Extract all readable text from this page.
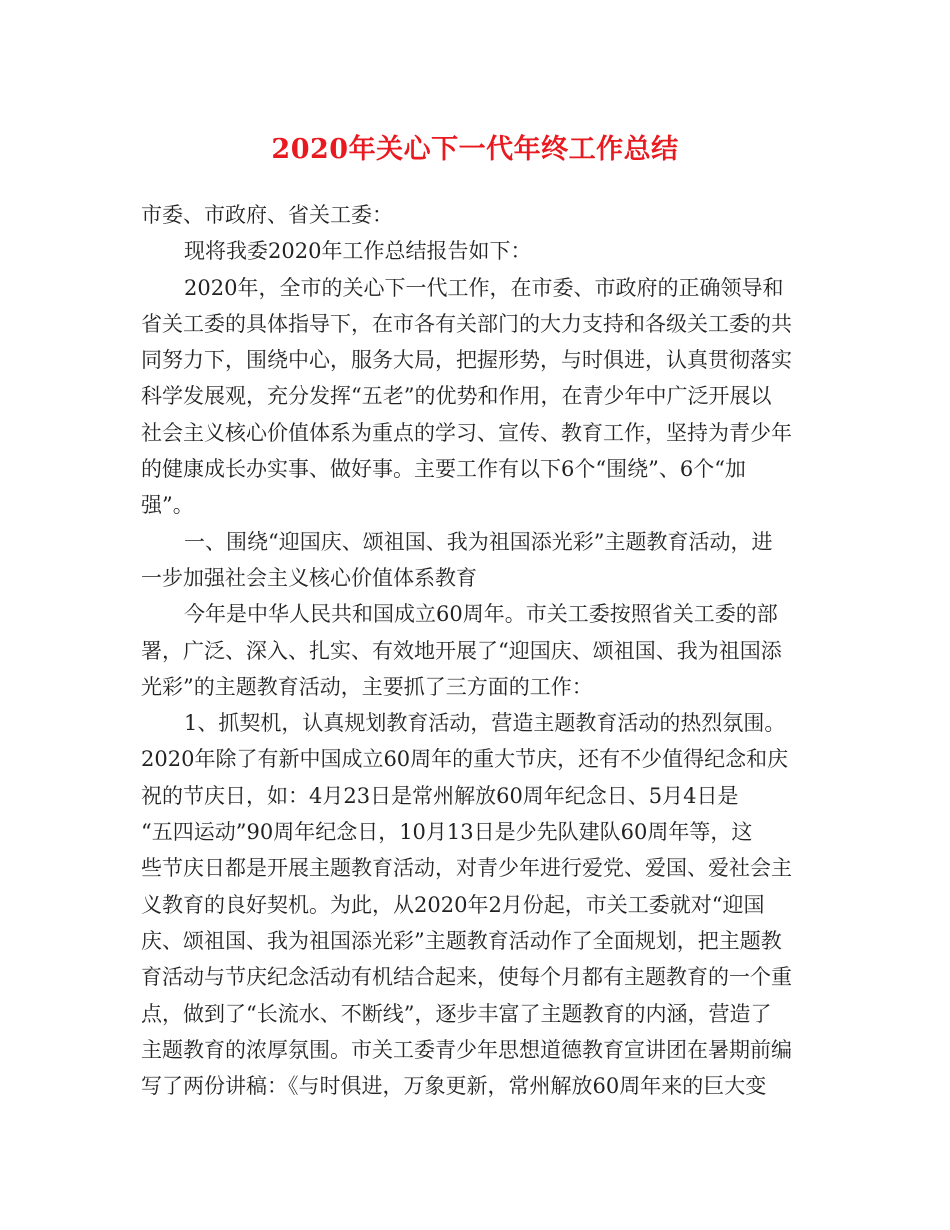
2020年关心下一代年终工作总结
市委、市政府、省关工委：
现将我委2020年工作总结报告如下：
2020年，全市的关心下一代工作，在市委、市政府的正确领导和
省关工委的具体指导下，在市各有关部门的大力支持和各级关工委的共
同努力下，围绕中心，服务大局，把握形势，与时俱进，认真贯彻落实
科学发展观，充分发挥“五老”的优势和作用，在青少年中广泛开展以
社会主义核心价值体系为重点的学习、宣传、教育工作，坚持为青少年
的健康成长办实事、做好事。主要工作有以下6个“围绕”、6个“加
强”。
一、围绕“迎国庆、颂祖国、我为祖国添光彩”主题教育活动，进
一步加强社会主义核心价值体系教育
今年是中华人民共和国成立60周年。市关工委按照省关工委的部
署，广泛、深入、扎实、有效地开展了“迎国庆、颂祖国、我为祖国添
光彩”的主题教育活动，主要抓了三方面的工作：
1、抓契机，认真规划教育活动，营造主题教育活动的热烈氛围。
2020年除了有新中国成立60周年的重大节庆，还有不少值得纪念和庆
祝的节庆日，如：4月23日是常州解放60周年纪念日、5月4日是
“五四运动”90周年纪念日，10月13日是少先队建队60周年等，这
些节庆日都是开展主题教育活动，对青少年进行爱党、爱国、爱社会主
义教育的良好契机。为此，从2020年2月份起，市关工委就对“迎国
庆、颂祖国、我为祖国添光彩”主题教育活动作了全面规划，把主题教
育活动与节庆纪念活动有机结合起来，使每个月都有主题教育的一个重
点，做到了“长流水、不断线”，逐步丰富了主题教育的内涵，营造了
主题教育的浓厚氛围。市关工委青少年思想道德教育宣讲团在暑期前编
写了两份讲稿：《与时俱进，万象更新，常州解放60周年来的巨大变
